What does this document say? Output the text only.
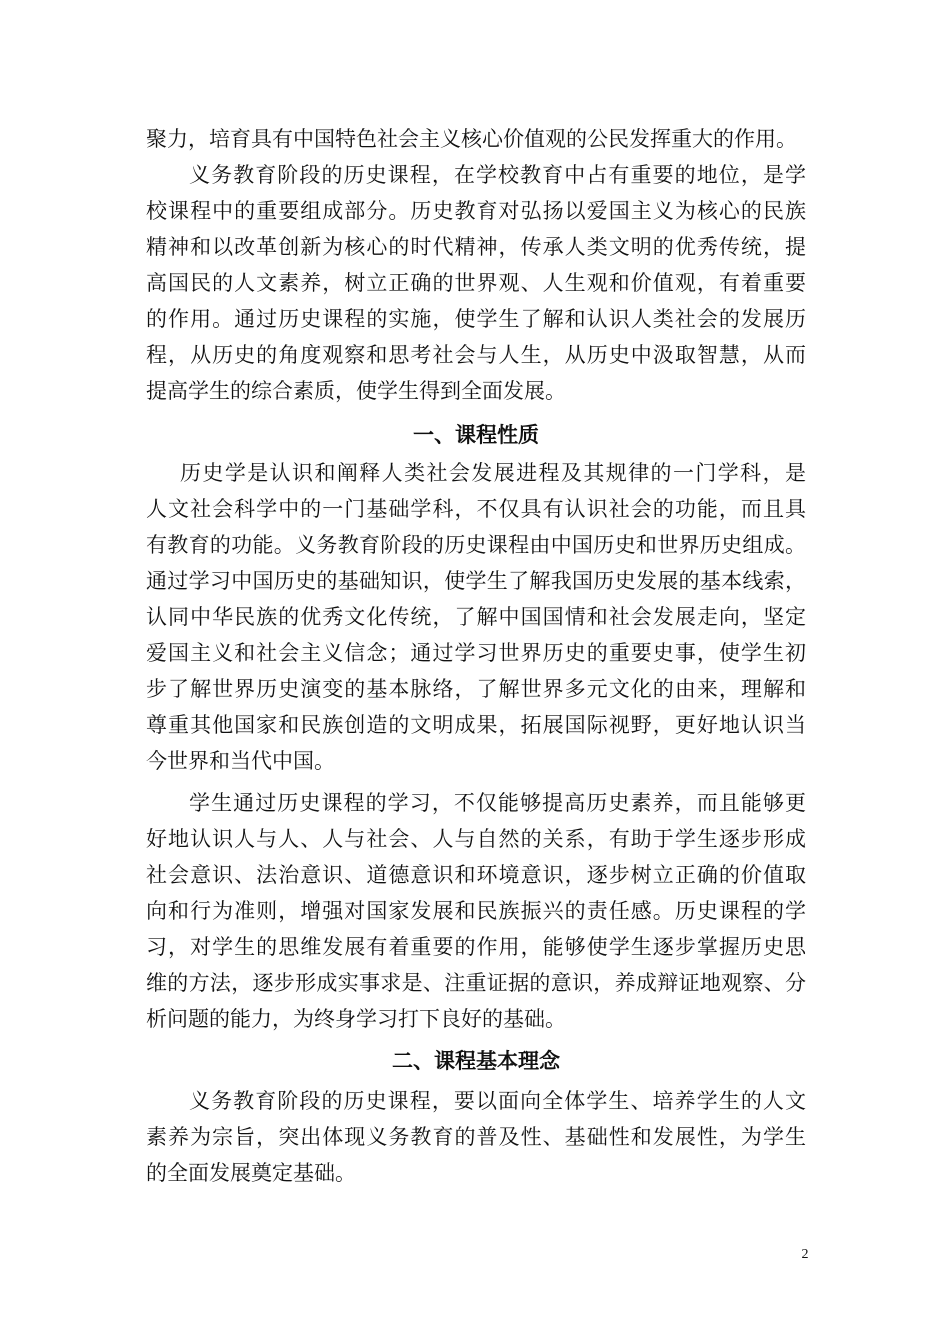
聚力，培育具有中国特色社会主义核心价值观的公民发挥重大的作用。
义务教育阶段的历史课程，在学校教育中占有重要的地位，是学
校课程中的重要组成部分。历史教育对弘扬以爱国主义为核心的民族
精神和以改革创新为核心的时代精神，传承人类文明的优秀传统，提
高国民的人文素养，树立正确的世界观、人生观和价值观，有着重要
的作用。通过历史课程的实施，使学生了解和认识人类社会的发展历
程，从历史的角度观察和思考社会与人生，从历史中汲取智慧，从而
提高学生的综合素质，使学生得到全面发展。
一、课程性质
历史学是认识和阐释人类社会发展进程及其规律的一门学科，是
人文社会科学中的一门基础学科，不仅具有认识社会的功能，而且具
有教育的功能。义务教育阶段的历史课程由中国历史和世界历史组成。
通过学习中国历史的基础知识，使学生了解我国历史发展的基本线索，
认同中华民族的优秀文化传统，了解中国国情和社会发展走向，坚定
爱国主义和社会主义信念；通过学习世界历史的重要史事，使学生初
步了解世界历史演变的基本脉络，了解世界多元文化的由来，理解和
尊重其他国家和民族创造的文明成果，拓展国际视野，更好地认识当
今世界和当代中国。
学生通过历史课程的学习，不仅能够提高历史素养，而且能够更
好地认识人与人、人与社会、人与自然的关系，有助于学生逐步形成
社会意识、法治意识、道德意识和环境意识，逐步树立正确的价值取
向和行为准则，增强对国家发展和民族振兴的责任感。历史课程的学
习，对学生的思维发展有着重要的作用，能够使学生逐步掌握历史思
维的方法，逐步形成实事求是、注重证据的意识，养成辩证地观察、分
析问题的能力，为终身学习打下良好的基础。
二、课程基本理念
义务教育阶段的历史课程，要以面向全体学生、培养学生的人文
素养为宗旨，突出体现义务教育的普及性、基础性和发展性，为学生
的全面发展奠定基础。
2
